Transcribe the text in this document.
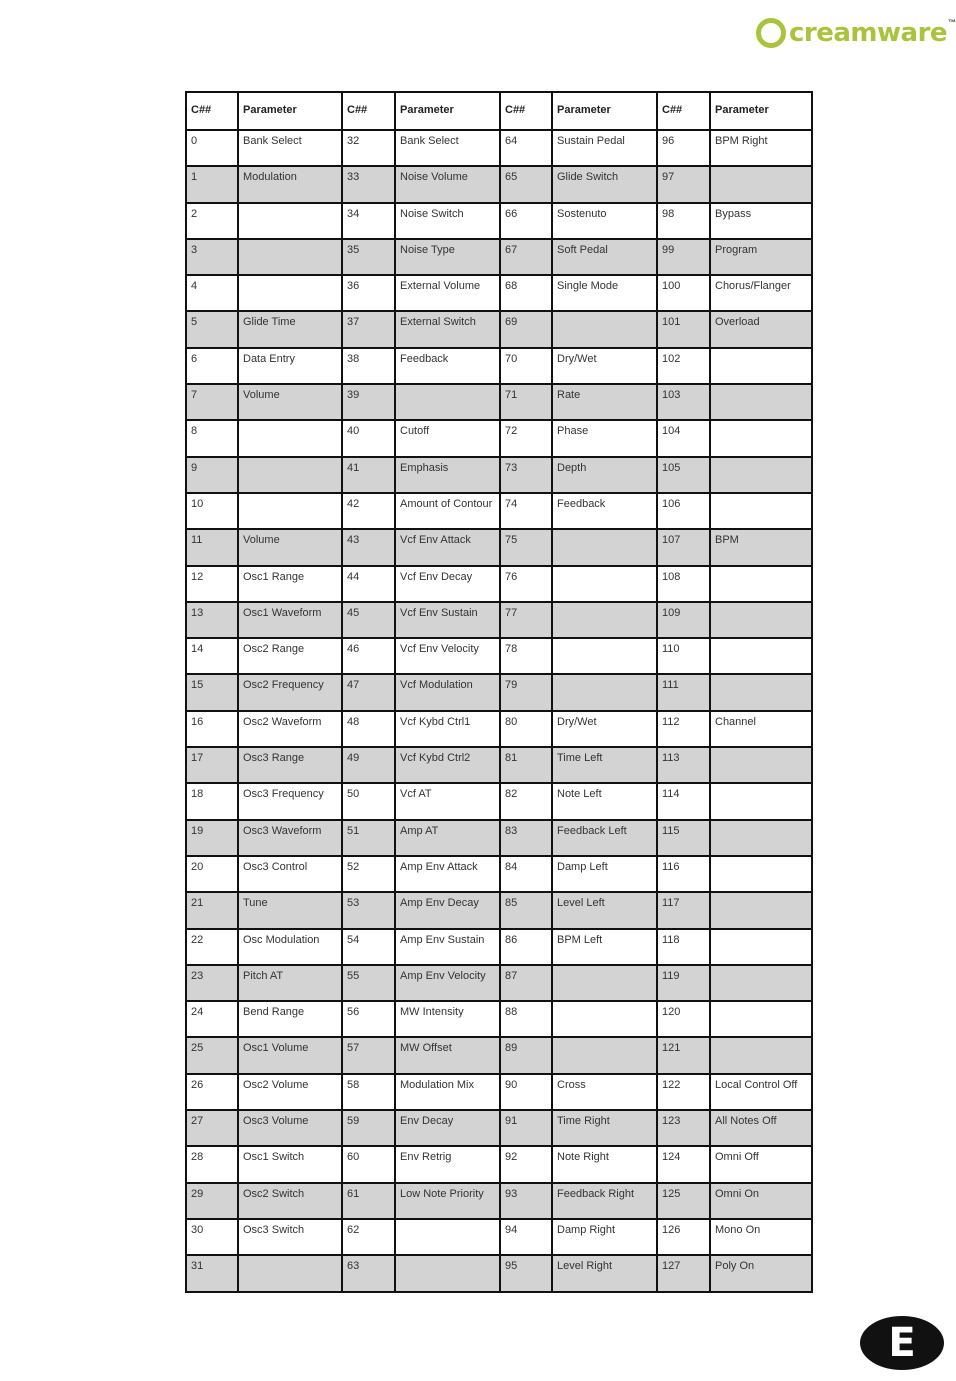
creamware ™
C##	Parameter	C##	Parameter	C##	Parameter	C##	Parameter
0	Bank Select	32	Bank Select	64	Sustain Pedal	96	BPM Right
1	Modulation	33	Noise Volume	65	Glide Switch	97	
2		34	Noise Switch	66	Sostenuto	98	Bypass
3		35	Noise Type	67	Soft Pedal	99	Program
4		36	External Volume	68	Single Mode	100	Chorus/Flanger
5	Glide Time	37	External Switch	69		101	Overload
6	Data Entry	38	Feedback	70	Dry/Wet	102	
7	Volume	39		71	Rate	103	
8		40	Cutoff	72	Phase	104	
9		41	Emphasis	73	Depth	105	
10		42	Amount of Contour	74	Feedback	106	
11	Volume	43	Vcf Env Attack	75		107	BPM
12	Osc1 Range	44	Vcf Env Decay	76		108	
13	Osc1 Waveform	45	Vcf Env Sustain	77		109	
14	Osc2 Range	46	Vcf Env Velocity	78		110	
15	Osc2 Frequency	47	Vcf Modulation	79		111	
16	Osc2 Waveform	48	Vcf Kybd Ctrl1	80	Dry/Wet	112	Channel
17	Osc3 Range	49	Vcf Kybd Ctrl2	81	Time Left	113	
18	Osc3 Frequency	50	Vcf AT	82	Note Left	114	
19	Osc3 Waveform	51	Amp AT	83	Feedback Left	115	
20	Osc3 Control	52	Amp Env Attack	84	Damp Left	116	
21	Tune	53	Amp Env Decay	85	Level Left	117	
22	Osc Modulation	54	Amp Env Sustain	86	BPM Left	118	
23	Pitch AT	55	Amp Env Velocity	87		119	
24	Bend Range	56	MW Intensity	88		120	
25	Osc1 Volume	57	MW Offset	89		121	
26	Osc2 Volume	58	Modulation Mix	90	Cross	122	Local Control Off
27	Osc3 Volume	59	Env Decay	91	Time Right	123	All Notes Off
28	Osc1 Switch	60	Env Retrig	92	Note Right	124	Omni Off
29	Osc2 Switch	61	Low Note Priority	93	Feedback Right	125	Omni On
30	Osc3 Switch	62		94	Damp Right	126	Mono On
31		63		95	Level Right	127	Poly On
E
